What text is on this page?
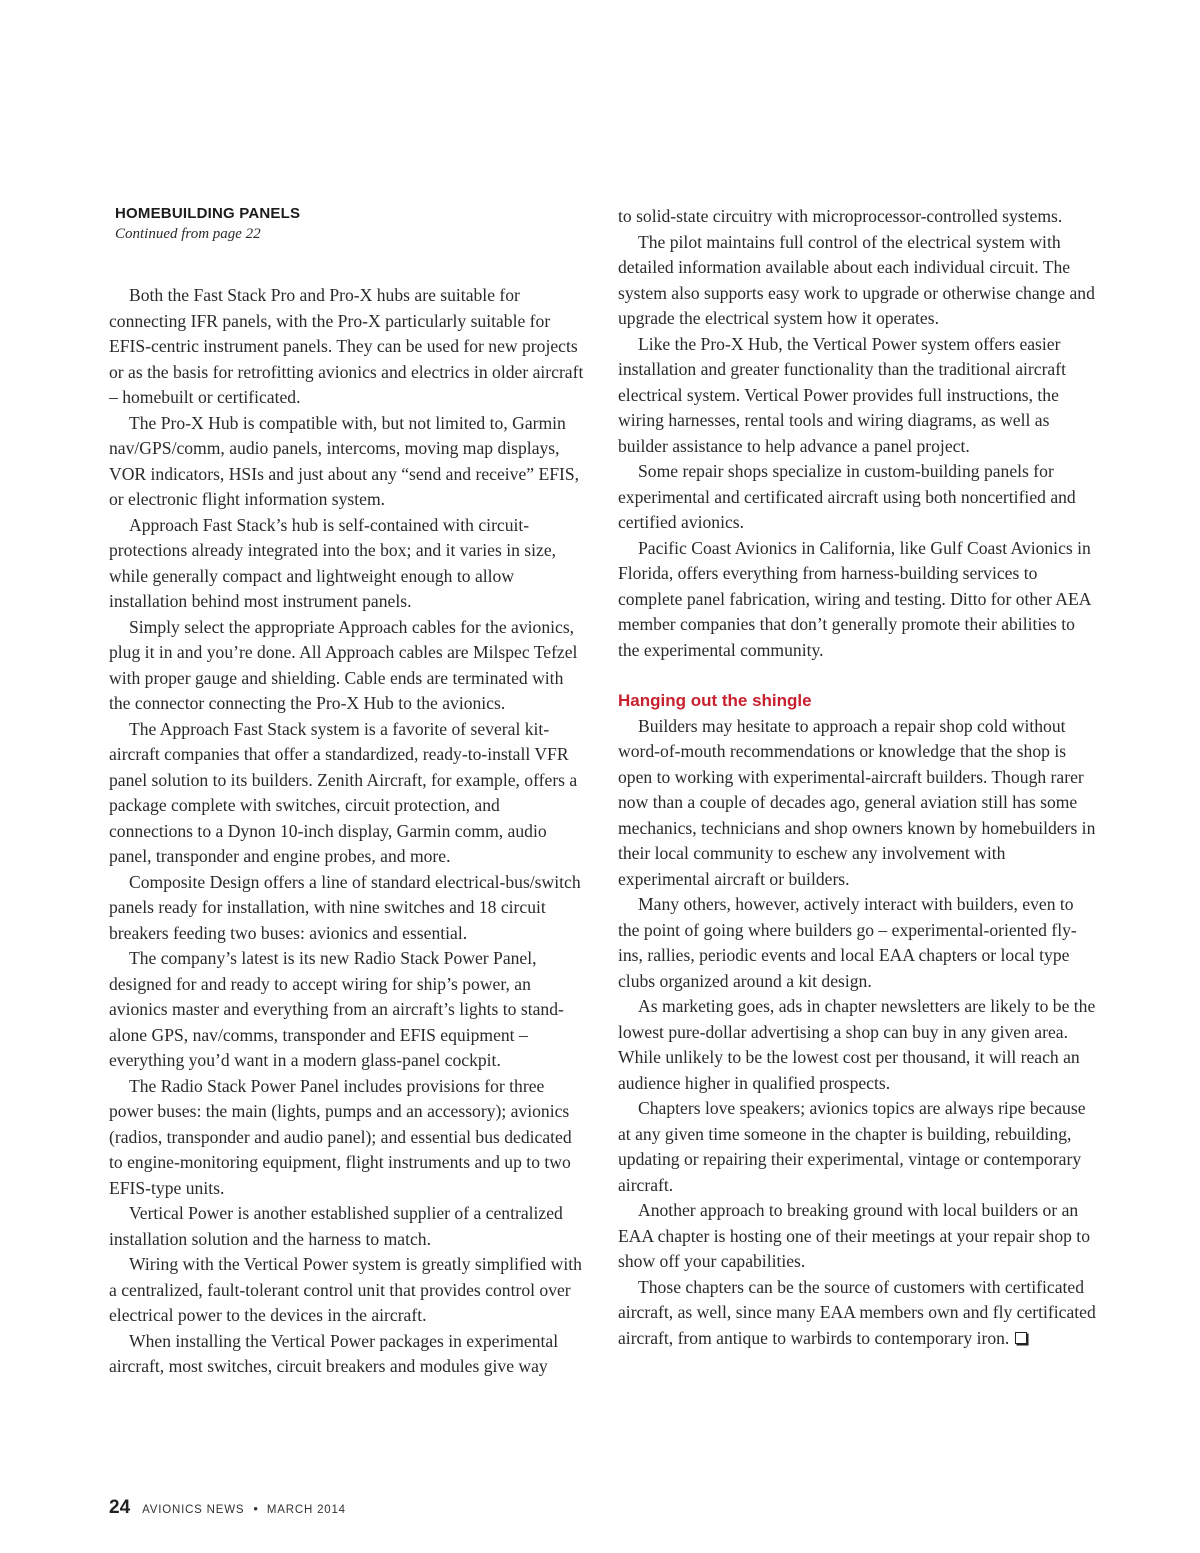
HOMEBUILDING PANELS
Continued from page 22

Both the Fast Stack Pro and Pro-X hubs are suitable for connecting IFR panels, with the Pro-X particularly suitable for EFIS-centric instrument panels. They can be used for new projects or as the basis for retrofitting avionics and electrics in older aircraft – homebuilt or certificated.

The Pro-X Hub is compatible with, but not limited to, Garmin nav/GPS/comm, audio panels, intercoms, moving map displays, VOR indicators, HSIs and just about any “send and receive” EFIS, or electronic flight information system.

Approach Fast Stack’s hub is self-contained with circuit-protections already integrated into the box; and it varies in size, while generally compact and lightweight enough to allow installation behind most instrument panels.

Simply select the appropriate Approach cables for the avionics, plug it in and you’re done. All Approach cables are Milspec Tefzel with proper gauge and shielding. Cable ends are terminated with the connector connecting the Pro-X Hub to the avionics.

The Approach Fast Stack system is a favorite of several kit-aircraft companies that offer a standardized, ready-to-install VFR panel solution to its builders. Zenith Aircraft, for example, offers a package complete with switches, circuit protection, and connections to a Dynon 10-inch display, Garmin comm, audio panel, transponder and engine probes, and more.

Composite Design offers a line of standard electrical-bus/switch panels ready for installation, with nine switches and 18 circuit breakers feeding two buses: avionics and essential.

The company’s latest is its new Radio Stack Power Panel, designed for and ready to accept wiring for ship’s power, an avionics master and everything from an aircraft’s lights to stand-alone GPS, nav/comms, transponder and EFIS equipment – everything you’d want in a modern glass-panel cockpit.

The Radio Stack Power Panel includes provisions for three power buses: the main (lights, pumps and an accessory); avionics (radios, transponder and audio panel); and essential bus dedicated to engine-monitoring equipment, flight instruments and up to two EFIS-type units.

Vertical Power is another established supplier of a centralized installation solution and the harness to match.

Wiring with the Vertical Power system is greatly simplified with a centralized, fault-tolerant control unit that provides control over electrical power to the devices in the aircraft.

When installing the Vertical Power packages in experimental aircraft, most switches, circuit breakers and modules give way

to solid-state circuitry with microprocessor-controlled systems.

The pilot maintains full control of the electrical system with detailed information available about each individual circuit. The system also supports easy work to upgrade or otherwise change and upgrade the electrical system how it operates.

Like the Pro-X Hub, the Vertical Power system offers easier installation and greater functionality than the traditional aircraft electrical system. Vertical Power provides full instructions, the wiring harnesses, rental tools and wiring diagrams, as well as builder assistance to help advance a panel project.

Some repair shops specialize in custom-building panels for experimental and certificated aircraft using both noncertified and certified avionics.

Pacific Coast Avionics in California, like Gulf Coast Avionics in Florida, offers everything from harness-building services to complete panel fabrication, wiring and testing. Ditto for other AEA member companies that don’t generally promote their abilities to the experimental community.

Hanging out the shingle

Builders may hesitate to approach a repair shop cold without word-of-mouth recommendations or knowledge that the shop is open to working with experimental-aircraft builders. Though rarer now than a couple of decades ago, general aviation still has some mechanics, technicians and shop owners known by homebuilders in their local community to eschew any involvement with experimental aircraft or builders.

Many others, however, actively interact with builders, even to the point of going where builders go – experimental-oriented fly-ins, rallies, periodic events and local EAA chapters or local type clubs organized around a kit design.

As marketing goes, ads in chapter newsletters are likely to be the lowest pure-dollar advertising a shop can buy in any given area. While unlikely to be the lowest cost per thousand, it will reach an audience higher in qualified prospects.

Chapters love speakers; avionics topics are always ripe because at any given time someone in the chapter is building, rebuilding, updating or repairing their experimental, vintage or contemporary aircraft.

Another approach to breaking ground with local builders or an EAA chapter is hosting one of their meetings at your repair shop to show off your capabilities.

Those chapters can be the source of customers with certificated aircraft, as well, since many EAA members own and fly certificated aircraft, from antique to warbirds to contemporary iron.

24 AVIONICS NEWS • MARCH 2014
